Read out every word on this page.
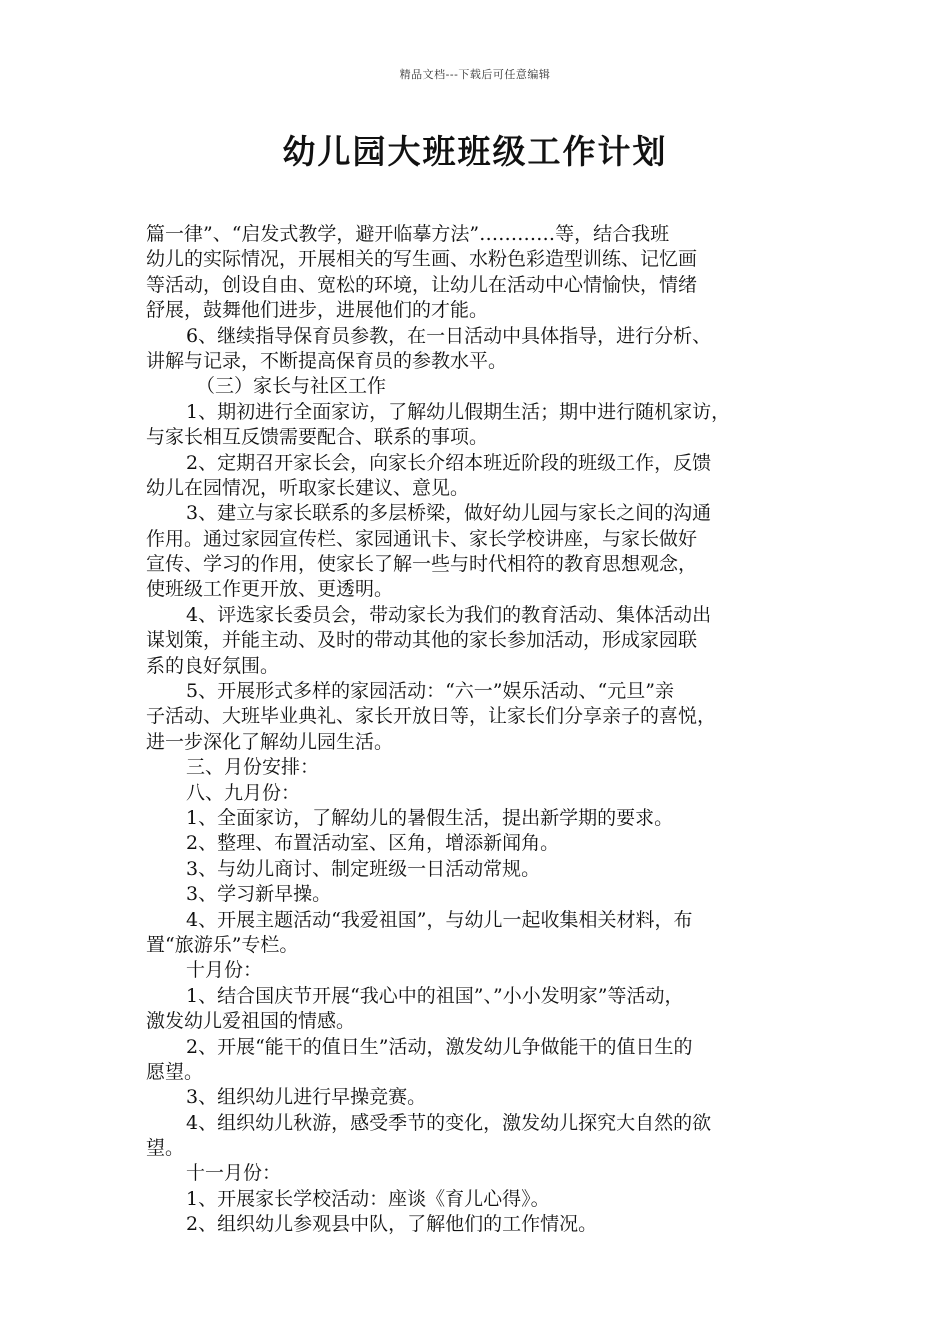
精品文档---下载后可任意编辑
幼儿园大班班级工作计划
篇一律”、“启发式教学，避开临摹方法”…………等，结合我班
幼儿的实际情况，开展相关的写生画、水粉色彩造型训练、记忆画
等活动，创设自由、宽松的环境，让幼儿在活动中心情愉快，情绪
舒展，鼓舞他们进步，进展他们的才能。
6、继续指导保育员参教，在一日活动中具体指导，进行分析、
讲解与记录，不断提高保育员的参教水平。
（三）家长与社区工作
1、期初进行全面家访，了解幼儿假期生活；期中进行随机家访，
与家长相互反馈需要配合、联系的事项。
2、定期召开家长会，向家长介绍本班近阶段的班级工作，反馈
幼儿在园情况，听取家长建议、意见。
3、建立与家长联系的多层桥梁，做好幼儿园与家长之间的沟通
作用。通过家园宣传栏、家园通讯卡、家长学校讲座，与家长做好
宣传、学习的作用，使家长了解一些与时代相符的教育思想观念，
使班级工作更开放、更透明。
4、评选家长委员会，带动家长为我们的教育活动、集体活动出
谋划策，并能主动、及时的带动其他的家长参加活动，形成家园联
系的良好氛围。
5、开展形式多样的家园活动：“六一”娱乐活动、“元旦”亲
子活动、大班毕业典礼、家长开放日等，让家长们分享亲子的喜悦，
进一步深化了解幼儿园生活。
三、月份安排：
八、九月份：
1、全面家访，了解幼儿的暑假生活，提出新学期的要求。
2、整理、布置活动室、区角，增添新闻角。
3、与幼儿商讨、制定班级一日活动常规。
3、学习新早操。
4、开展主题活动“我爱祖国”，与幼儿一起收集相关材料，布
置“旅游乐”专栏。
十月份：
1、结合国庆节开展“我心中的祖国”、”小小发明家”等活动，
激发幼儿爱祖国的情感。
2、开展“能干的值日生”活动，激发幼儿争做能干的值日生的
愿望。
3、组织幼儿进行早操竞赛。
4、组织幼儿秋游，感受季节的变化，激发幼儿探究大自然的欲
望。
十一月份：
1、开展家长学校活动：座谈《育儿心得》。
2、组织幼儿参观县中队，了解他们的工作情况。
